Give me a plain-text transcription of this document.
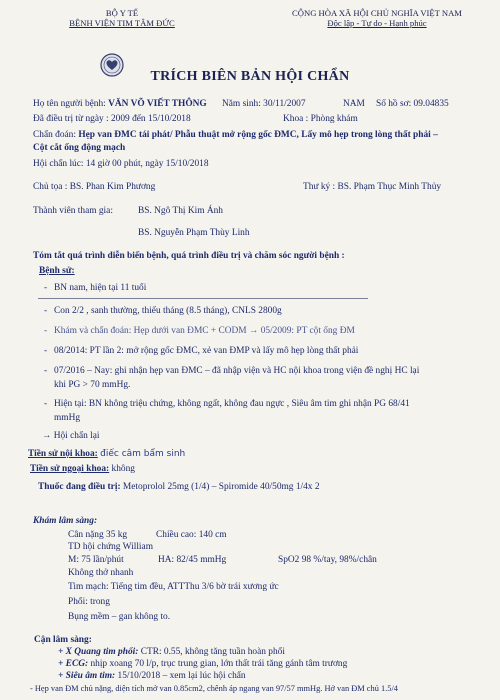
BỘ Y TẾ
BỆNH VIỆN TIM TÂM ĐỨC
CỘNG HÒA XÃ HỘI CHỦ NGHĨA VIỆT NAM
Độc lập - Tự do - Hạnh phúc
TRÍCH BIÊN BẢN HỘI CHẨN
Họ tên người bệnh: VĂN VÕ VIẾT THÔNG Năm sinh: 30/11/2007	NAM Số hồ sơ: 09.04835
Đã điều trị từ ngày : 2009 đến 15/10/2018	Khoa : Phòng khám
Chẩn đoán: Hẹp van ĐMC tái phát/ Phẫu thuật mở rộng gốc ĐMC, Lấy mô hẹp trong lòng thất phải –
Cột cắt ống động mạch
Hội chẩn lúc: 14 giờ 00 phút, ngày 15/10/2018
Chủ tọa : BS. Phan Kim Phương	Thư ký : BS. Phạm Thục Minh Thủy
Thành viên tham gia:	BS. Ngô Thị Kim Ánh
BS. Nguyễn Phạm Thùy Linh
Tóm tắt quá trình diễn biến bệnh, quá trình điều trị và chăm sóc người bệnh :
Bệnh sử:
- BN nam, hiện tại 11 tuổi
- Con 2/2 , sanh thường, thiếu tháng (8.5 tháng), CNLS 2800g
- Khám và chẩn đoán: Hẹp dưới van ĐMC + CODM → 05/2009: PT cột ống ĐM
- 08/2014: PT lần 2: mở rộng gốc ĐMC, xẻ van ĐMP và lấy mô hẹp lòng thất phải
- 07/2016 – Nay: ghi nhận hẹp van ĐMC – đã nhập viện và HC nội khoa trong viện đề nghị HC lại
khi PG > 70 mmHg.
- Hiện tại: BN không triệu chứng, không ngất, không đau ngực , Siêu âm tim ghi nhận PG 68/41
mmHg
→ Hội chẩn lại
Tiền sử nội khoa: điếc câm bẩm sinh
Tiền sử ngoại khoa: không
Thuốc đang điều trị: Metoprolol 25mg (1/4) – Spiromide 40/50mg 1/4x 2
Khám lâm sàng:
Cân nặng 35 kg	Chiều cao: 140 cm
TD hội chứng William
M: 75 lần/phút	HA: 82/45 mmHg	SpO2 98 %/tay, 98%/chân
Không thở nhanh
Tim mạch: Tiếng tim đều, ATTThu 3/6 bờ trái xương ức
Phổi: trong
Bụng mềm – gan không to.
Cận lâm sàng:
+ X Quang tim phổi: CTR: 0.55, không tăng tuần hoàn phổi
+ ECG: nhịp xoang 70 l/p, trục trung gian, lớn thất trái tăng gánh tâm trương
+ Siêu âm tim: 15/10/2018 – xem lại lúc hội chẩn
- Hẹp van ĐM chủ nặng, diện tích mở van 0.85cm2, chênh áp ngang van 97/57 mmHg. Hở van ĐM chủ 1.5/4
